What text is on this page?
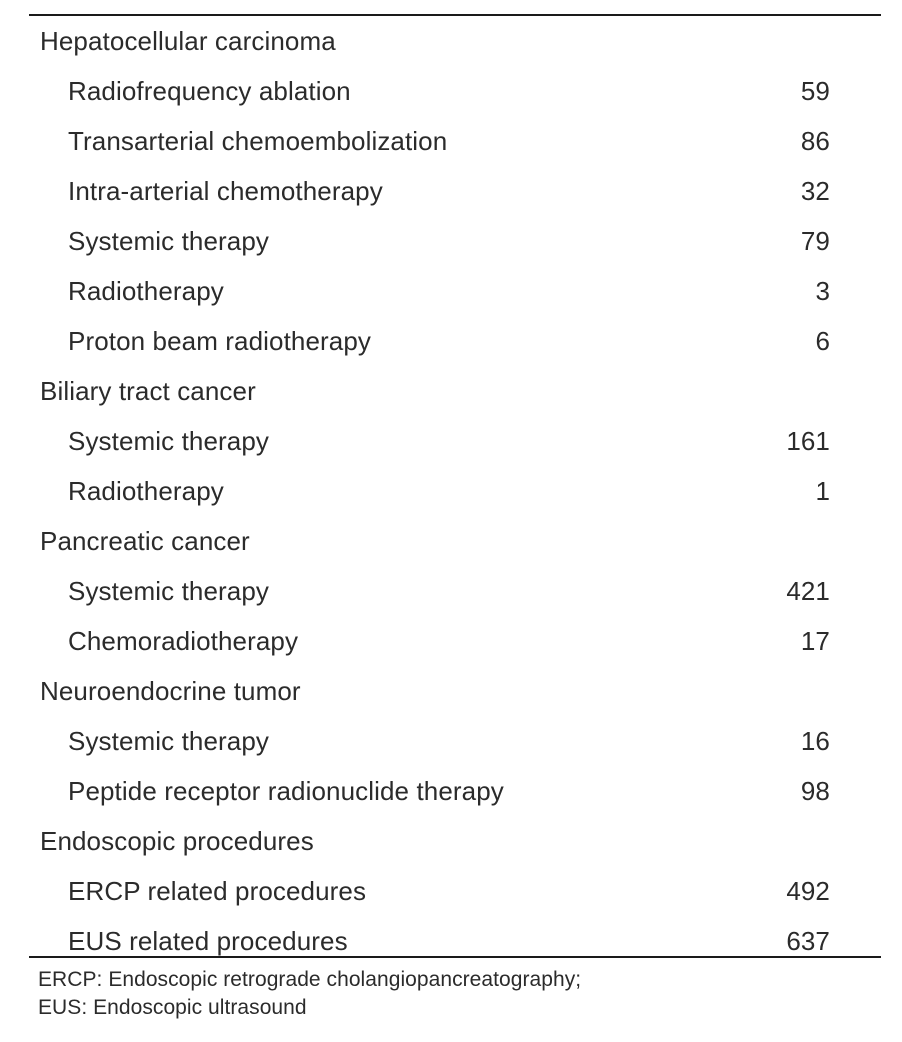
Hepatocellular carcinoma
Radiofrequency ablation	59
Transarterial chemoembolization	86
Intra-arterial chemotherapy	32
Systemic therapy	79
Radiotherapy	3
Proton beam radiotherapy	6
Biliary tract cancer
Systemic therapy	161
Radiotherapy	1
Pancreatic cancer
Systemic therapy	421
Chemoradiotherapy	17
Neuroendocrine tumor
Systemic therapy	16
Peptide receptor radionuclide therapy	98
Endoscopic procedures
ERCP related procedures	492
EUS related procedures	637
ERCP: Endoscopic retrograde cholangiopancreatography;
EUS: Endoscopic ultrasound
